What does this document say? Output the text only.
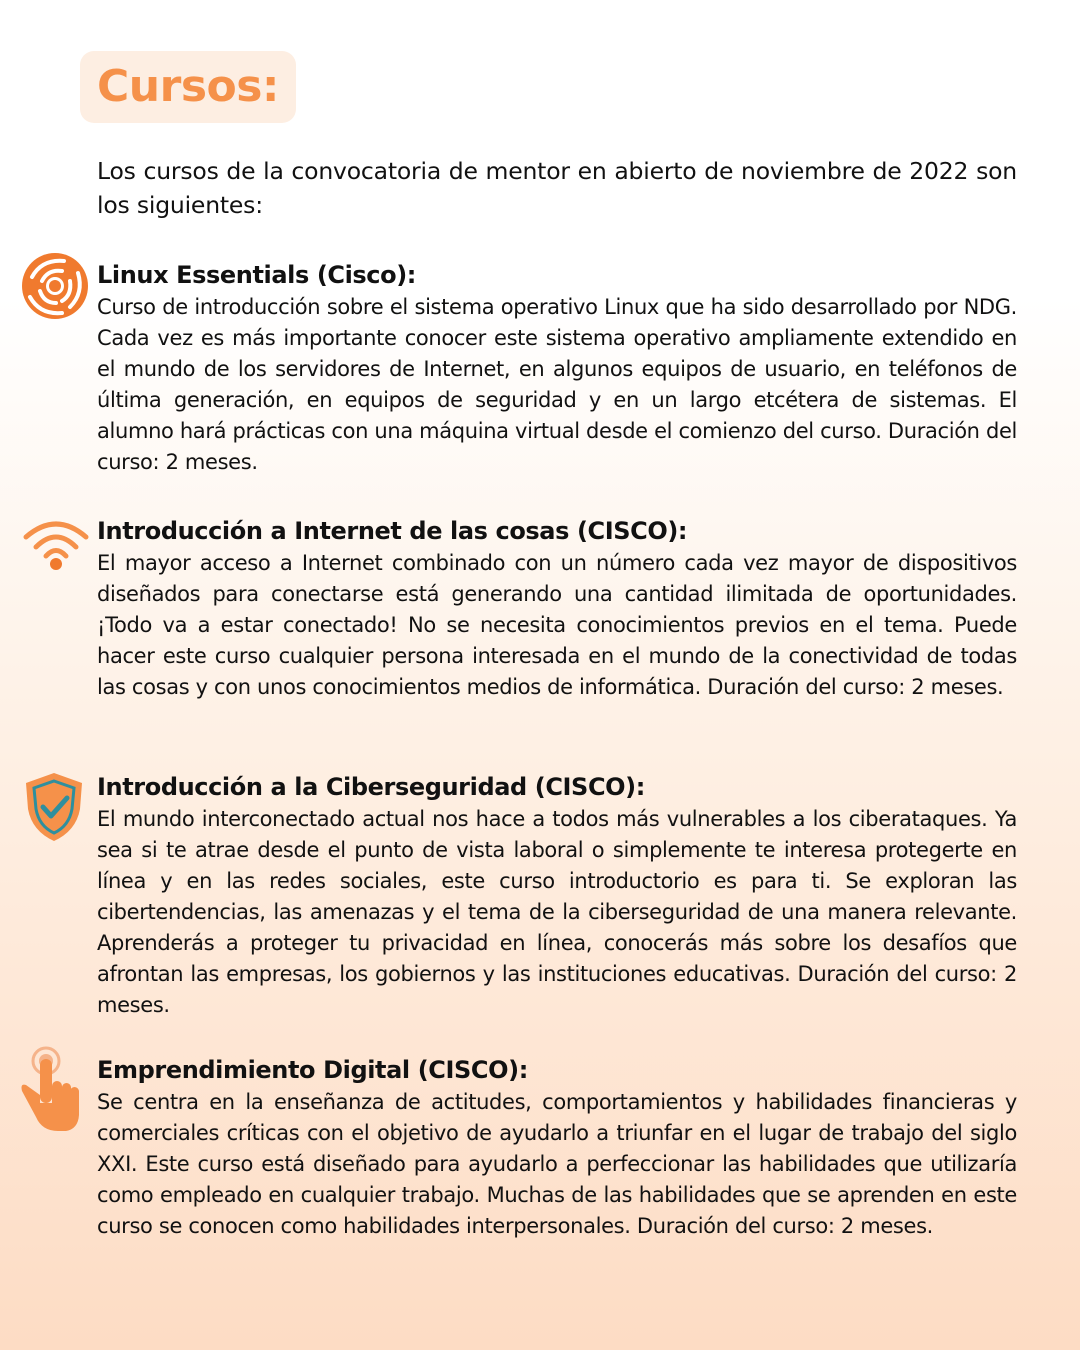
Cursos:
Los cursos de la convocatoria de mentor en abierto de noviembre de 2022 son los siguientes:
Linux Essentials (Cisco):

Curso de introducción sobre el sistema operativo Linux que ha sido desarrollado por NDG. Cada vez es más importante conocer este sistema operativo ampliamente extendido en el mundo de los servidores de Internet, en algunos equipos de usuario, en teléfonos de última generación, en equipos de seguridad y en un largo etcétera de sistemas. El alumno hará prácticas con una máquina virtual desde el comienzo del curso. Duración del curso: 2 meses.

Introducción a Internet de las cosas (CISCO):

El mayor acceso a Internet combinado con un número cada vez mayor de dispositivos diseñados para conectarse está generando una cantidad ilimitada de oportunidades. ¡Todo va a estar conectado! No se necesita conocimientos previos en el tema. Puede hacer este curso cualquier persona interesada en el mundo de la conectividad de todas las cosas y con unos conocimientos medios de informática. Duración del curso: 2 meses.

Introducción a la Ciberseguridad (CISCO):

El mundo interconectado actual nos hace a todos más vulnerables a los ciberataques. Ya sea si te atrae desde el punto de vista laboral o simplemente te interesa protegerte en línea y en las redes sociales, este curso introductorio es para ti. Se exploran las cibertendencias, las amenazas y el tema de la ciberseguridad de una manera relevante. Aprenderás a proteger tu privacidad en línea, conocerás más sobre los desafíos que afrontan las empresas, los gobiernos y las instituciones educativas. Duración del curso: 2 meses.

Emprendimiento Digital (CISCO):

Se centra en la enseñanza de actitudes, comportamientos y habilidades financieras y comerciales críticas con el objetivo de ayudarlo a triunfar en el lugar de trabajo del siglo XXI. Este curso está diseñado para ayudarlo a perfeccionar las habilidades que utilizaría como empleado en cualquier trabajo. Muchas de las habilidades que se aprenden en este curso se conocen como habilidades interpersonales. Duración del curso: 2 meses.
